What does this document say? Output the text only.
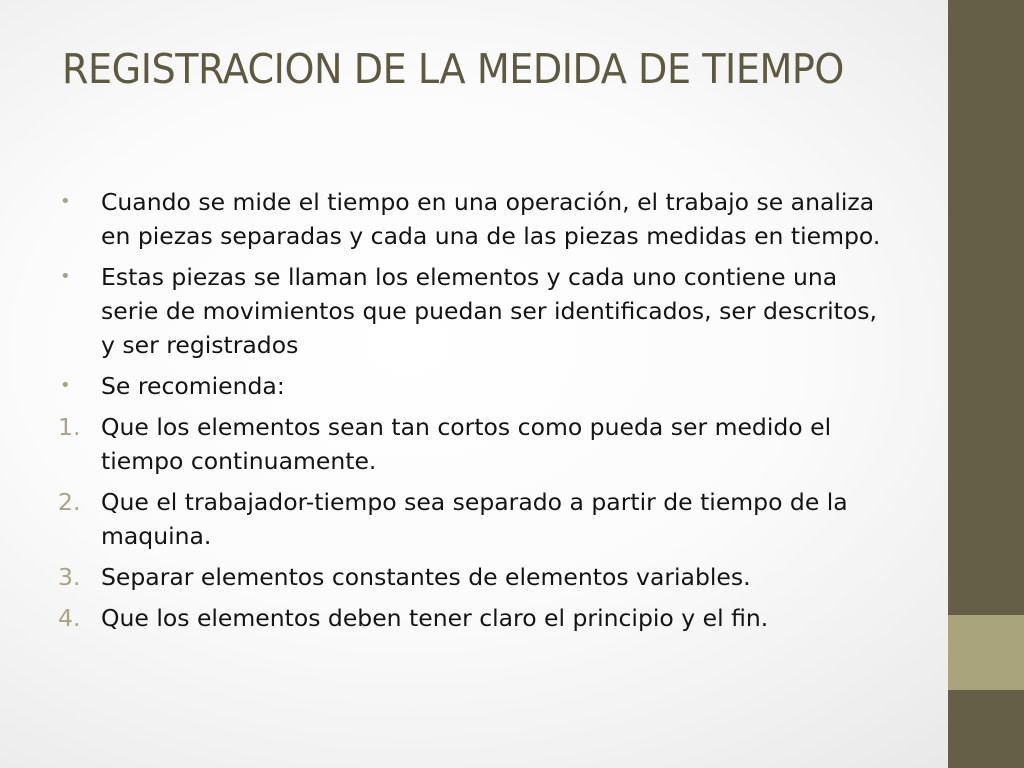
REGISTRACION DE LA MEDIDA DE TIEMPO
•	Cuando se mide el tiempo en una operación, el trabajo se analiza en piezas separadas y cada una de las piezas medidas en tiempo.
•	Estas piezas se llaman los elementos y cada uno contiene una serie de movimientos que puedan ser identificados, ser descritos, y ser registrados
•	Se recomienda:
1. Que los elementos sean tan cortos como pueda ser medido el tiempo continuamente.
2. Que el trabajador-tiempo sea separado a partir de tiempo de la maquina.
3. Separar elementos constantes de elementos variables.
4. Que los elementos deben tener claro el principio y el fin.
